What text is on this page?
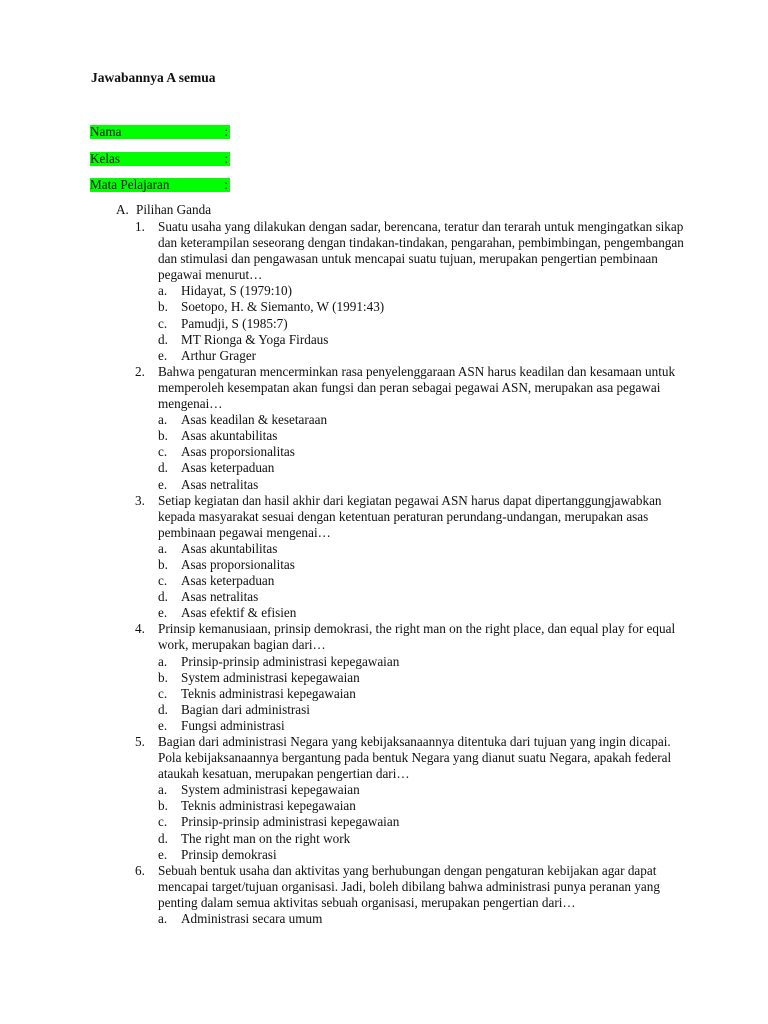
Jawabannya A semua
Nama	:
Kelas	:
Mata Pelajaran	:
A. Pilihan Ganda
1. Suatu usaha yang dilakukan dengan sadar, berencana, teratur dan terarah untuk mengingatkan sikap dan keterampilan seseorang dengan tindakan-tindakan, pengarahan, pembimbingan, pengembangan dan stimulasi dan pengawasan untuk mencapai suatu tujuan, merupakan pengertian pembinaan pegawai menurut…
a. Hidayat, S (1979:10)
b. Soetopo, H. & Siemanto, W (1991:43)
c. Pamudji, S (1985:7)
d. MT Rionga & Yoga Firdaus
e. Arthur Grager
2. Bahwa pengaturan mencerminkan rasa penyelenggaraan ASN harus keadilan dan kesamaan untuk memperoleh kesempatan akan fungsi dan peran sebagai pegawai ASN, merupakan asa pegawai mengenai…
a. Asas keadilan & kesetaraan
b. Asas akuntabilitas
c. Asas proporsionalitas
d. Asas keterpaduan
e. Asas netralitas
3. Setiap kegiatan dan hasil akhir dari kegiatan pegawai ASN harus dapat dipertanggungjawabkan kepada masyarakat sesuai dengan ketentuan peraturan perundang-undangan, merupakan asas pembinaan pegawai mengenai…
a. Asas akuntabilitas
b. Asas proporsionalitas
c. Asas keterpaduan
d. Asas netralitas
e. Asas efektif & efisien
4. Prinsip kemanusiaan, prinsip demokrasi, the right man on the right place, dan equal play for equal work, merupakan bagian dari…
a. Prinsip-prinsip administrasi kepegawaian
b. System administrasi kepegawaian
c. Teknis administrasi kepegawaian
d. Bagian dari administrasi
e. Fungsi administrasi
5. Bagian dari administrasi Negara yang kebijaksanaannya ditentuka dari tujuan yang ingin dicapai. Pola kebijaksanaannya bergantung pada bentuk Negara yang dianut suatu Negara, apakah federal ataukah kesatuan, merupakan pengertian dari…
a. System administrasi kepegawaian
b. Teknis administrasi kepegawaian
c. Prinsip-prinsip administrasi kepegawaian
d. The right man on the right work
e. Prinsip demokrasi
6. Sebuah bentuk usaha dan aktivitas yang berhubungan dengan pengaturan kebijakan agar dapat mencapai target/tujuan organisasi. Jadi, boleh dibilang bahwa administrasi punya peranan yang penting dalam semua aktivitas sebuah organisasi, merupakan pengertian dari…
a. Administrasi secara umum
